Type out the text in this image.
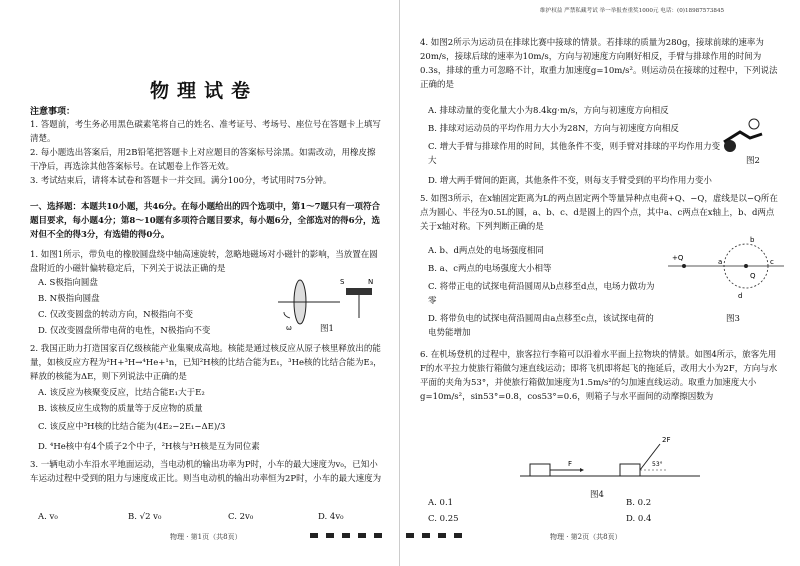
物理试卷
注意事项：
1. 答题前，考生务必用黑色碳素笔将自己的姓名、准考证号、考场号、座位号在答题卡上填写清楚。
2. 每小题选出答案后，用2B铅笔把答题卡上对应题目的答案标号涂黑。如需改动，用橡皮擦干净后，再选涂其他答案标号。在试题卷上作答无效。
3. 考试结束后，请将本试卷和答题卡一并交回。满分100分，考试用时75分钟。
一、选择题：本题共10小题，共46分。在每小题给出的四个选项中，第1～7题只有一项符合题目要求，每小题4分；第8～10题有多项符合题目要求，每小题6分，全部选对的得6分，选对但不全的得3分，有选错的得0分。
1. 如图1所示，带负电的橡胶圆盘绕中轴高速旋转，忽略地磁场对小磁针的影响，当放置在圆盘附近的小磁针偏转稳定后，下列关于说法正确的是
A. S极指向圆盘
B. N极指向圆盘
C. 仅改变圆盘的转动方向，N极指向不变
D. 仅改变圆盘所带电荷的电性，N极指向不变	ω
S	N
图1
2. 我国正助力打造国家百亿级核能产业集聚成高地。核能是通过核反应从原子核里释放出的能量，如核反应方程为²H+³H→⁴He+¹n，已知²H核的比结合能为E₁，³He核的比结合能为E₃，释放的核能为ΔE，则下列说法中正确的是
A. 该反应为核聚变反应，比结合能E₁大于E₂
B. 该核反应生成物的质量等于反应物的质量
C. 该反应中³H核的比结合能为(4E₂−2E₁−ΔE)/3
D. ⁴He核中有4个质子2个中子，²H核与³H核是互为同位素
3. 一辆电动小车沿水平地面运动，当电动机的输出功率为P时，小车的最大速度为v₀，已知小车运动过程中受到的阻力与速度成正比。则当电动机的输出功率恒为2P时，小车的最大速度为
A. v₀	B. √2 v₀	C. 2v₀	D. 4v₀
物理 · 第1页（共8页）
4. 如图2所示为运动员在排球比赛中接球的情景。若排球的质量为280g，接球前球的速率为20m/s，接球后球的速率为10m/s，方向与初速度方向刚好相反，手臂与排球作用的时间为0.3s，排球的重力可忽略不计，取重力加速度g=10m/s²。则运动员在接球的过程中，下列说法正确的是
A. 排球动量的变化量大小为8.4kg·m/s，方向与初速度方向相反
B. 排球对运动员的平均作用力大小为28N，方向与初速度方向相反
C. 增大手臂与排球作用的时间，其他条件不变，则手臂对排球的平均作用力变大
D. 增大两手臂间的距离，其他条件不变，则每支手臂受到的平均作用力变小
图2
5. 如图3所示，在x轴固定距离为L的两点固定两个等量异种点电荷+Q、−Q，虚线是以−Q所在点为圆心、半径为0.5L的圆，a、b、c、d是圆上的四个点，其中a、c两点在x轴上，b、d两点关于x轴对称。下列判断正确的是
A. b、d两点处的电场强度相同
B. a、c两点的电场强度大小相等
C. 将带正电的试探电荷沿圆周从b点移至d点，电场力做功为零
D. 将带负电的试探电荷沿圆周由a点移至c点，该试探电荷的电势能增加
+Q	a
b
c
d
Q
图3
6. 在机场登机的过程中，旅客拉行李箱可以沿着水平面上拉物块的情景。如图4所示，旅客先用F的水平拉力使旅行箱做匀速直线运动；即将飞机即将起飞的拖延后，改用大小为2F，方向与水平面的夹角为53°，并使旅行箱做加速度为1.5m/s²的匀加速直线运动。取重力加速度大小g=10m/s²，sin53°=0.8，cos53°=0.6，则箱子与水平面间的动摩擦因数为
F
2F
53°
图4
A. 0.1	B. 0.2
C. 0.25	D. 0.4
物理 · 第2页（共8页）
维护权益 严禁私藏考试 举一举报查重奖1000元 电话：(0)18987573845
